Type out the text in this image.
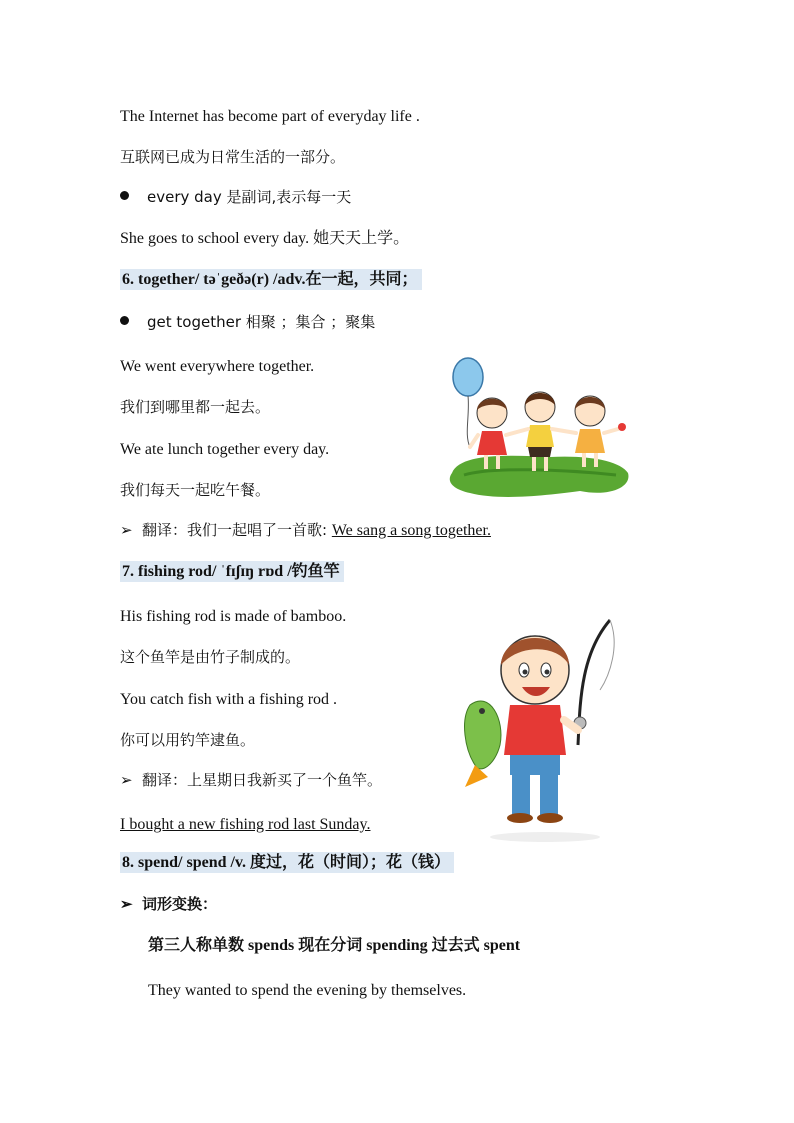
The Internet has become part of everyday life .
互联网已成为日常生活的一部分。
every day 是副词,表示每一天
She goes to school every day. 她天天上学。
6. together/ təˈgeðə(r) /adv.在一起，共同；
get together 相聚 ；集合 ；聚集
We went everywhere together.
我们到哪里都一起去。
We ate lunch together every day.
我们每天一起吃午餐。
➢ 翻译：我们一起唱了一首歌: We sang a song together.
7. fishing rod/ ˈfɪʃɪŋ rɒd /钓鱼竿
His fishing rod is made of bamboo.
这个鱼竿是由竹子制成的。
You catch fish with a fishing rod .
你可以用钓竿逮鱼。
➢ 翻译：上星期日我新买了一个鱼竿。
I bought a new fishing rod last Sunday.
8. spend/ spend /v. 度过，花（时间）；花（钱）
➢ 词形变换：
第三人称单数 spends 现在分词 spending 过去式 spent
They wanted to spend the evening by themselves.
